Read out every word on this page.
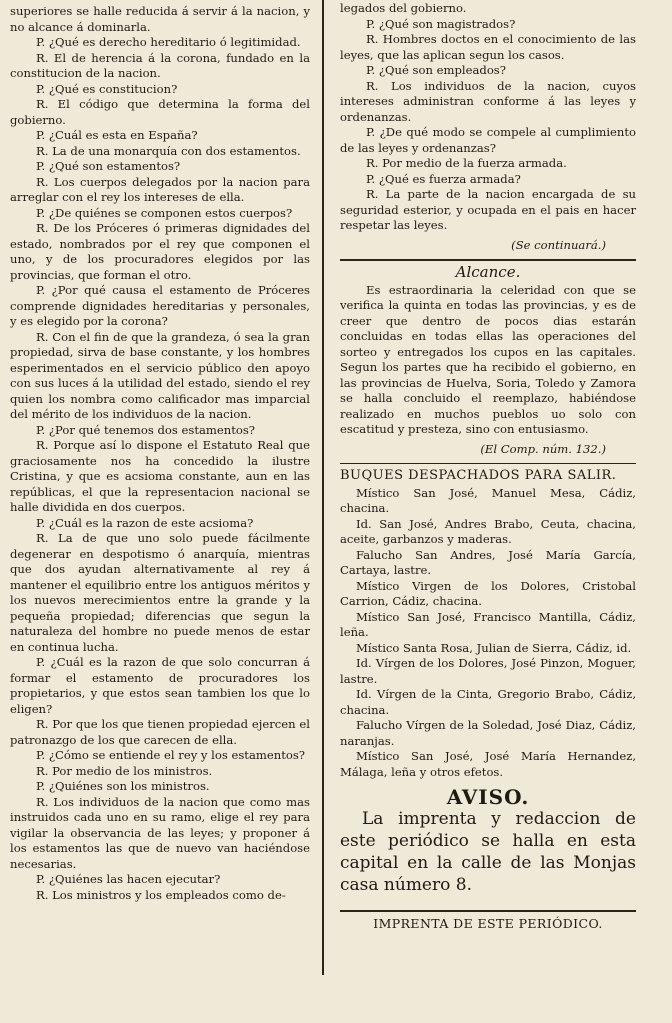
superiores se halle reducida á servir á la nacion, y no alcance á dominarla.

P. ¿Qué es derecho hereditario ó legitimidad.

R. El de herencia á la corona, fundado en la constitucion de la nacion.

P. ¿Qué es constitucion?

R. El código que determina la forma del gobierno.

P. ¿Cuál es esta en España?

R. La de una monarquía con dos estamentos.

P. ¿Qué son estamentos?

R. Los cuerpos delegados por la nacion para arreglar con el rey los intereses de ella.

P. ¿De quiénes se componen estos cuerpos?

R. De los Próceres ó primeras dignidades del estado, nombrados por el rey que componen el uno, y de los procuradores elegidos por las provincias, que forman el otro.

P. ¿Por qué causa el estamento de Próceres comprende dignidades hereditarias y personales, y es elegido por la corona?

R. Con el fin de que la grandeza, ó sea la gran propiedad, sirva de base constante, y los hombres esperimentados en el servicio público den apoyo con sus luces á la utilidad del estado, siendo el rey quien los nombra como calificador mas imparcial del mérito de los individuos de la nacion.

P. ¿Por qué tenemos dos estamentos?

R. Porque así lo dispone el Estatuto Real que graciosamente nos ha concedido la ilustre Cristina, y que es acsioma constante, aun en las repúblicas, el que la representacion nacional se halle dividida en dos cuerpos.

P. ¿Cuál es la razon de este acsioma?

R. La de que uno solo puede fácilmente degenerar en despotismo ó anarquía, mientras que dos ayudan alternativamente al rey á mantener el equilibrio entre los antiguos méritos y los nuevos merecimientos entre la grande y la pequeña propiedad; diferencias que segun la naturaleza del hombre no puede menos de estar en continua lucha.

P. ¿Cuál es la razon de que solo concurran á formar el estamento de procuradores los propietarios, y que estos sean tambien los que lo eligen?

R. Por que los que tienen propiedad ejercen el patronazgo de los que carecen de ella.

P. ¿Cómo se entiende el rey y los estamentos?

R. Por medio de los ministros.

P. ¿Quiénes son los ministros.

R. Los individuos de la nacion que como mas instruidos cada uno en su ramo, elige el rey para vigilar la observancia de las leyes; y proponer á los estamentos las que de nuevo van haciéndose necesarias.

P. ¿Quiénes las hacen ejecutar?

R. Los ministros y los empleados como de-

legados del gobierno.

P. ¿Qué son magistrados?

R. Hombres doctos en el conocimiento de las leyes, que las aplican segun los casos.

P. ¿Qué son empleados?

R. Los individuos de la nacion, cuyos intereses administran conforme á las leyes y ordenanzas.

P. ¿De qué modo se compele al cumplimiento de las leyes y ordenanzas?

R. Por medio de la fuerza armada.

P. ¿Qué es fuerza armada?

R. La parte de la nacion encargada de su seguridad esterior, y ocupada en el pais en hacer respetar las leyes.

(Se continuará.)

Alcance.

Es estraordinaria la celeridad con que se verifica la quinta en todas las provincias, y es de creer que dentro de pocos dias estarán concluidas en todas ellas las operaciones del sorteo y entregados los cupos en las capitales. Segun los partes que ha recibido el gobierno, en las provincias de Huelva, Soria, Toledo y Zamora se halla concluido el reemplazo, habiéndose realizado en muchos pueblos uo solo con escatitud y presteza, sino con entusiasmo.

(El Comp. núm. 132.)

BUQUES DESPACHADOS PARA SALIR.

Místico San José, Manuel Mesa, Cádiz, chacina.

Id. San José, Andres Brabo, Ceuta, chacina, aceite, garbanzos y maderas.

Falucho San Andres, José María García, Cartaya, lastre.

Místico Virgen de los Dolores, Cristobal Carrion, Cádiz, chacina.

Místico San José, Francisco Mantilla, Cádiz, leña.

Místico Santa Rosa, Julian de Sierra, Cádiz, id.

Id. Vírgen de los Dolores, José Pinzon, Moguer, lastre.

Id. Vírgen de la Cinta, Gregorio Brabo, Cádiz, chacina.

Falucho Vírgen de la Soledad, José Diaz, Cádiz, naranjas.

Místico San José, José María Hernandez, Málaga, leña y otros efetos.

AVISO.

La imprenta y redaccion de este periódico se halla en esta capital en la calle de las Monjas casa número 8.

IMPRENTA DE ESTE PERIÓDICO.
